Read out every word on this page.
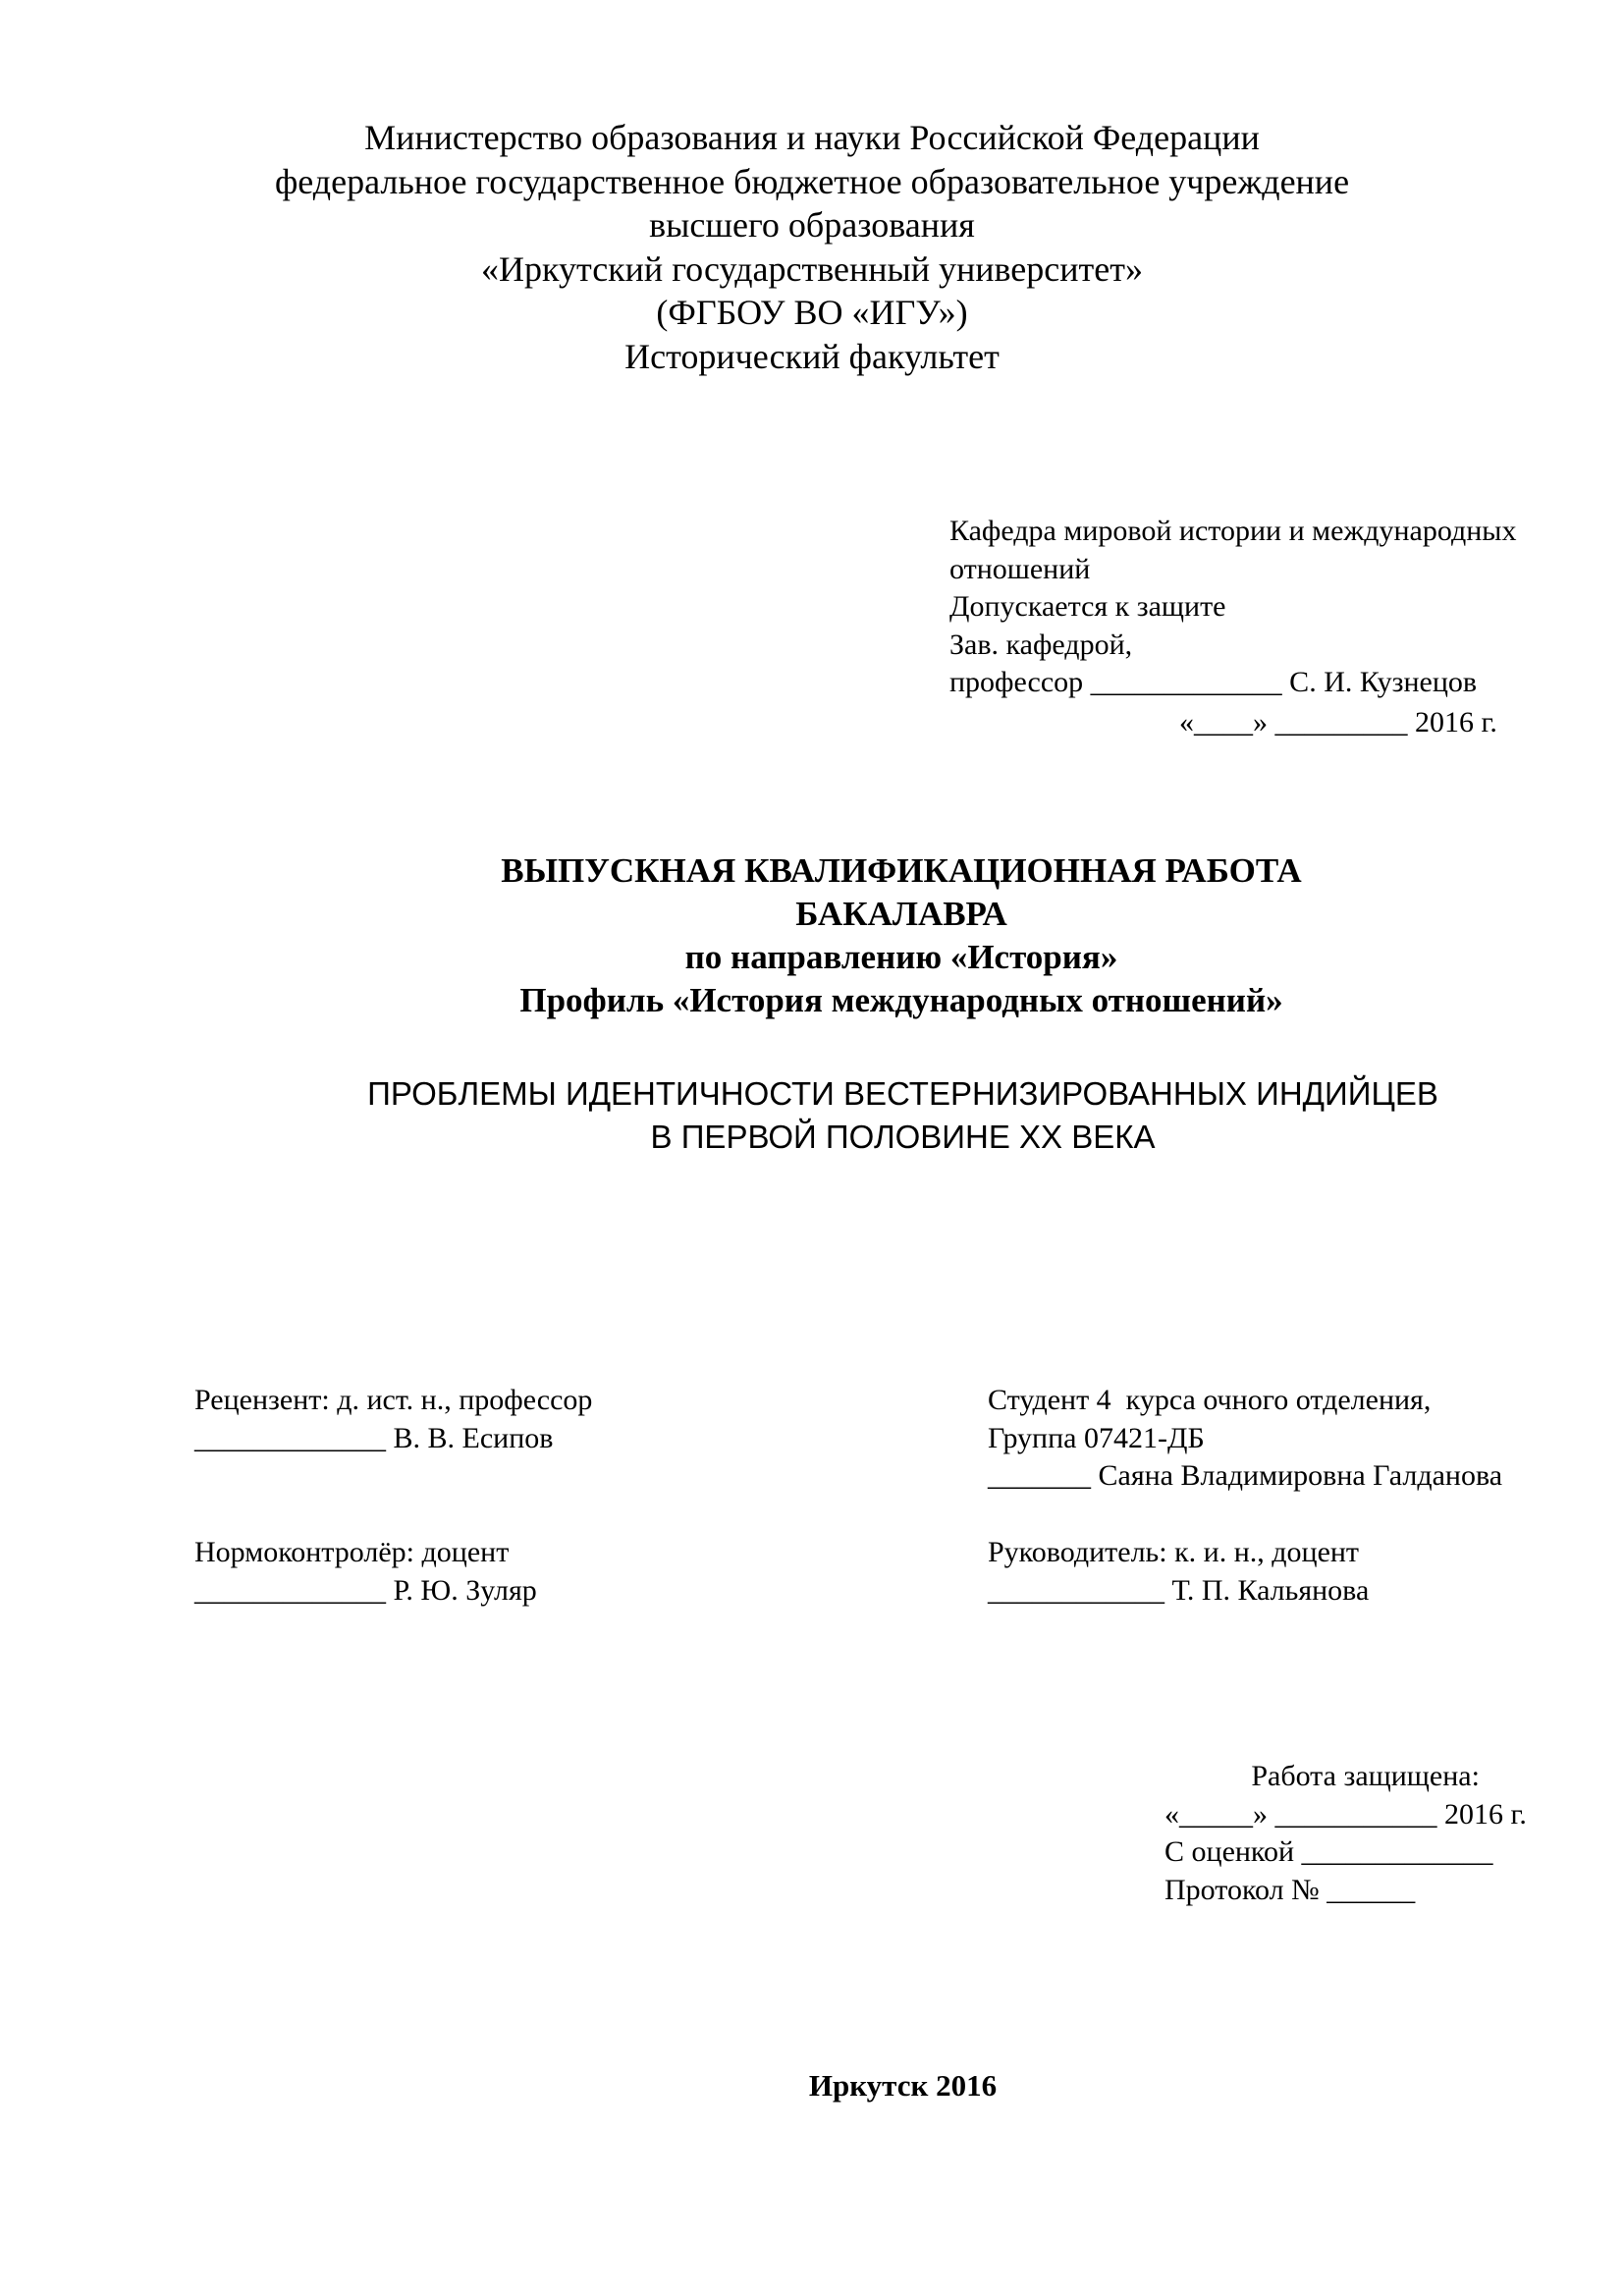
Министерство образования и науки Российской Федерации
федеральное государственное бюджетное образовательное учреждение
высшего образования
«Иркутский государственный университет»
(ФГБОУ ВО «ИГУ»)
Исторический факультет
Кафедра мировой истории и международных
отношений
Допускается к защите
Зав. кафедрой,
профессор _____________ С. И. Кузнецов
«____» _________ 2016 г.
ВЫПУСКНАЯ КВАЛИФИКАЦИОННАЯ РАБОТА
БАКАЛАВРА
по направлению «История»
Профиль «История международных отношений»
ПРОБЛЕМЫ ИДЕНТИЧНОСТИ ВЕСТЕРНИЗИРОВАННЫХ ИНДИЙЦЕВ
В ПЕРВОЙ ПОЛОВИНЕ XX ВЕКА
Рецензент: д. ист. н., профессор
_____________ В. В. Есипов
Студент 4  курса очного отделения,
Группа 07421-ДБ
_______ Саяна Владимировна Галданова
Нормоконтролёр: доцент
_____________ Р. Ю. Зуляр
Руководитель: к. и. н., доцент
____________ Т. П. Кальянова
Работа защищена:
«_____» ___________ 2016 г.
С оценкой _____________
Протокол № ______
Иркутск 2016
